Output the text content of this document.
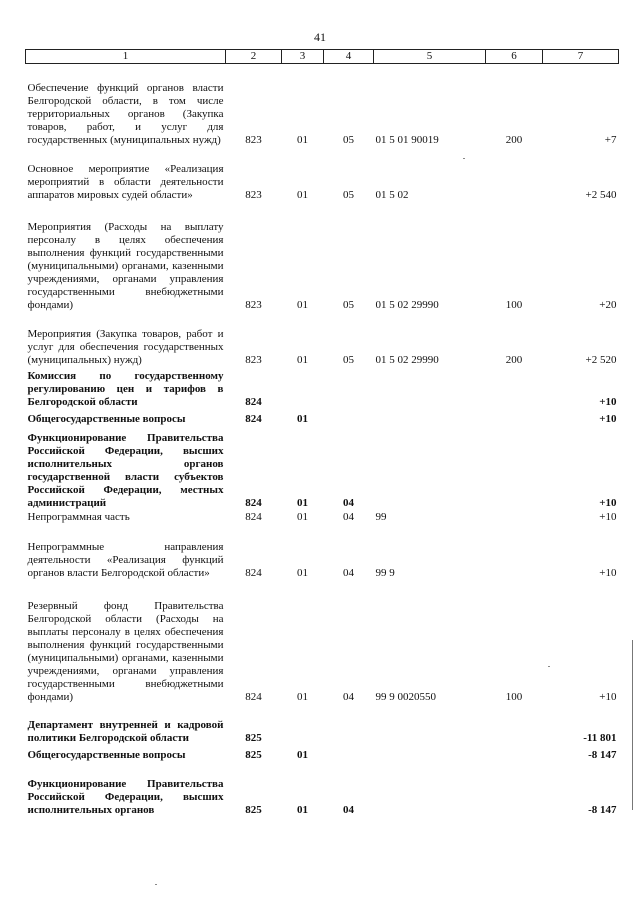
41
1	2	3	4	5	6	7
Обеспечение функций органов власти Белгородской области, в том числе территориальных органов (Закупка товаров, работ, и услуг для государственных (муниципальных нужд)	823	01	05	01 5 01 90019	200	+7
Основное мероприятие «Реализация мероприятий в области деятельности аппаратов мировых судей области»	823	01	05	01 5 02		+2 540
Мероприятия (Расходы на выплату персоналу в целях обеспечения выполнения функций государственными (муниципальными) органами, казенными учреждениями, органами управления государственными внебюджетными фондами)	823	01	05	01 5 02 29990	100	+20
Мероприятия (Закупка товаров, работ и услуг для обеспечения государственных (муниципальных) нужд)	823	01	05	01 5 02 29990	200	+2 520
Комиссия по государственному регулированию цен и тарифов в Белгородской области	824					+10
Общегосударственные вопросы	824	01				+10
Функционирование Правительства Российской Федерации, высших исполнительных органов государственной власти субъектов Российской Федерации, местных администраций	824	01	04			+10
Непрограммная часть	824	01	04	99		+10
Непрограммные направления деятельности «Реализация функций органов власти Белгородской области»	824	01	04	99 9		+10
Резервный фонд Правительства Белгородской области (Расходы на выплаты персоналу в целях обеспечения выполнения функций государственными (муниципальными) органами, казенными учреждениями, органами управления государственными внебюджетными фондами)	824	01	04	99 9 0020550	100	+10
Департамент внутренней и кадровой политики Белгородской области	825					-11 801
Общегосударственные вопросы	825	01				-8 147
Функционирование Правительства Российской Федерации, высших исполнительных органов	825	01	04			-8 147
